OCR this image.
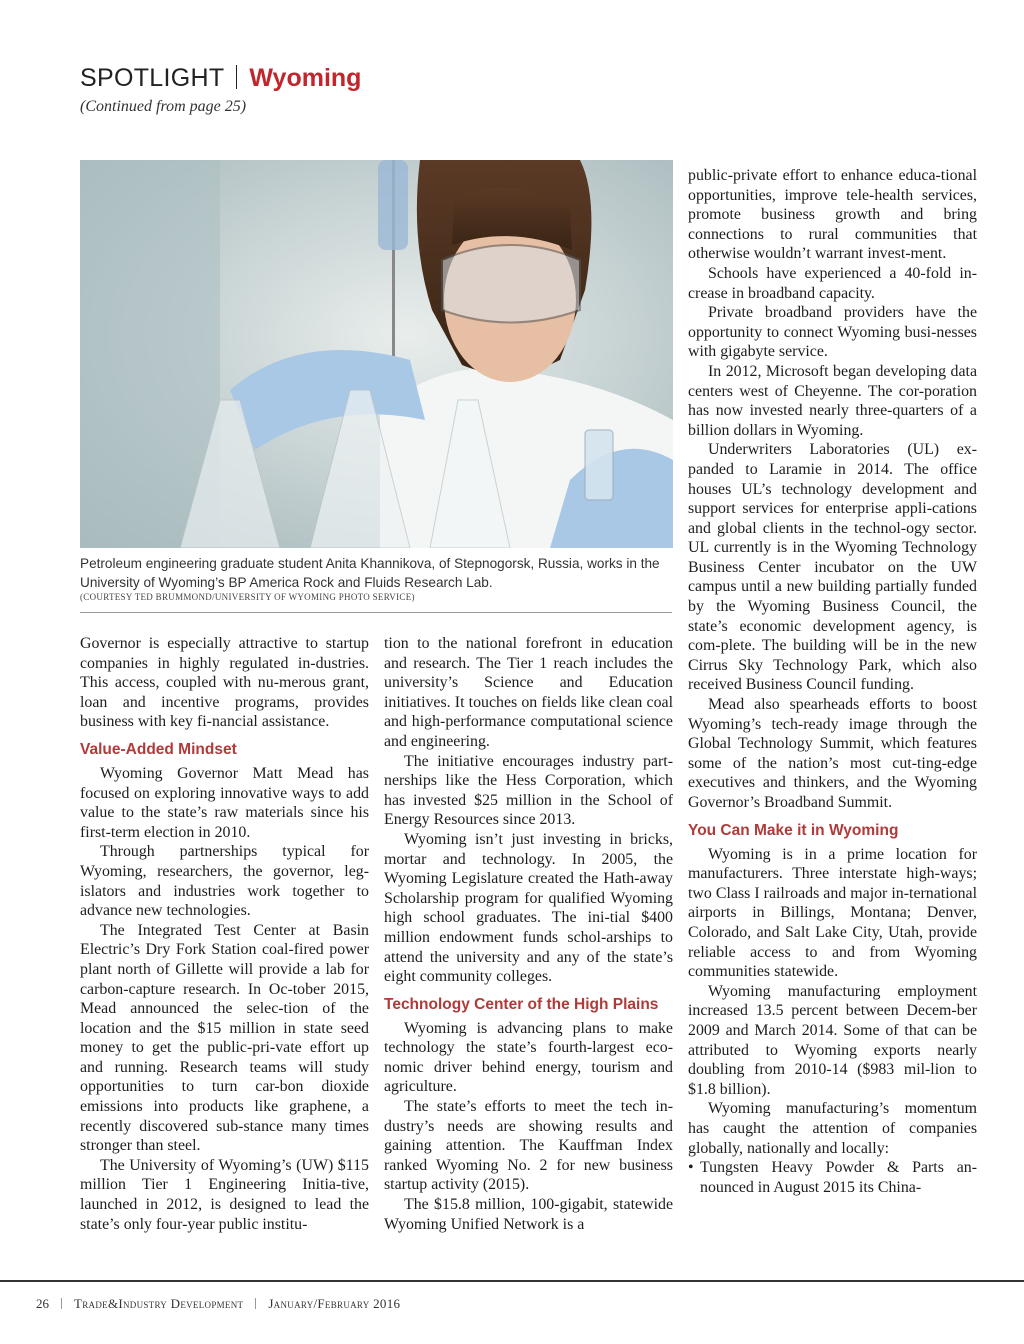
SPOTLIGHT Wyoming
(Continued from page 25)
Petroleum engineering graduate student Anita Khannikova, of Stepnogorsk, Russia, works in the University of Wyoming’s BP America Rock and Fluids Research Lab.
(COURTESY TED BRUMMOND/UNIVERSITY OF WYOMING PHOTO SERVICE)

Governor is especially attractive to startup companies in highly regulated in-dustries. This access, coupled with nu-merous grant, loan and incentive programs, provides business with key fi-nancial assistance.

Value-Added Mindset

Wyoming Governor Matt Mead has focused on exploring innovative ways to add value to the state’s raw materials since his first-term election in 2010.

Through partnerships typical for Wyoming, researchers, the governor, leg-islators and industries work together to advance new technologies.

The Integrated Test Center at Basin Electric’s Dry Fork Station coal-fired power plant north of Gillette will provide a lab for carbon-capture research. In Oc-tober 2015, Mead announced the selec-tion of the location and the $15 million in state seed money to get the public-pri-vate effort up and running. Research teams will study opportunities to turn car-bon dioxide emissions into products like graphene, a recently discovered sub-stance many times stronger than steel.

The University of Wyoming’s (UW) $115 million Tier 1 Engineering Initia-tive, launched in 2012, is designed to lead the state’s only four-year public institu-

tion to the national forefront in education and research. The Tier 1 reach includes the university’s Science and Education initiatives. It touches on fields like clean coal and high-performance computational science and engineering.

The initiative encourages industry part-nerships like the Hess Corporation, which has invested $25 million in the School of Energy Resources since 2013.

Wyoming isn’t just investing in bricks, mortar and technology. In 2005, the Wyoming Legislature created the Hath-away Scholarship program for qualified Wyoming high school graduates. The ini-tial $400 million endowment funds schol-arships to attend the university and any of the state’s eight community colleges.

Technology Center of the High Plains

Wyoming is advancing plans to make technology the state’s fourth-largest eco-nomic driver behind energy, tourism and agriculture.

The state’s efforts to meet the tech in-dustry’s needs are showing results and gaining attention. The Kauffman Index ranked Wyoming No. 2 for new business startup activity (2015).

The $15.8 million, 100-gigabit, statewide Wyoming Unified Network is a

public-private effort to enhance educa-tional opportunities, improve tele-health services, promote business growth and bring connections to rural communities that otherwise wouldn’t warrant invest-ment.

Schools have experienced a 40-fold in-crease in broadband capacity.

Private broadband providers have the opportunity to connect Wyoming busi-nesses with gigabyte service.

In 2012, Microsoft began developing data centers west of Cheyenne. The cor-poration has now invested nearly three-quarters of a billion dollars in Wyoming.

Underwriters Laboratories (UL) ex-panded to Laramie in 2014. The office houses UL’s technology development and support services for enterprise appli-cations and global clients in the technol-ogy sector. UL currently is in the Wyoming Technology Business Center incubator on the UW campus until a new building partially funded by the Wyoming Business Council, the state’s economic development agency, is com-plete. The building will be in the new Cirrus Sky Technology Park, which also received Business Council funding.

Mead also spearheads efforts to boost Wyoming’s tech-ready image through the Global Technology Summit, which features some of the nation’s most cut-ting-edge executives and thinkers, and the Wyoming Governor’s Broadband Summit.

You Can Make it in Wyoming

Wyoming is in a prime location for manufacturers. Three interstate high-ways; two Class I railroads and major in-ternational airports in Billings, Montana; Denver, Colorado, and Salt Lake City, Utah, provide reliable access to and from Wyoming communities statewide.

Wyoming manufacturing employment increased 13.5 percent between Decem-ber 2009 and March 2014. Some of that can be attributed to Wyoming exports nearly doubling from 2010-14 ($983 mil-lion to $1.8 billion).

Wyoming manufacturing’s momentum has caught the attention of companies globally, nationally and locally:

• Tungsten Heavy Powder & Parts an-nounced in August 2015 its China-

26 Trade&Industry Development January/February 2016
